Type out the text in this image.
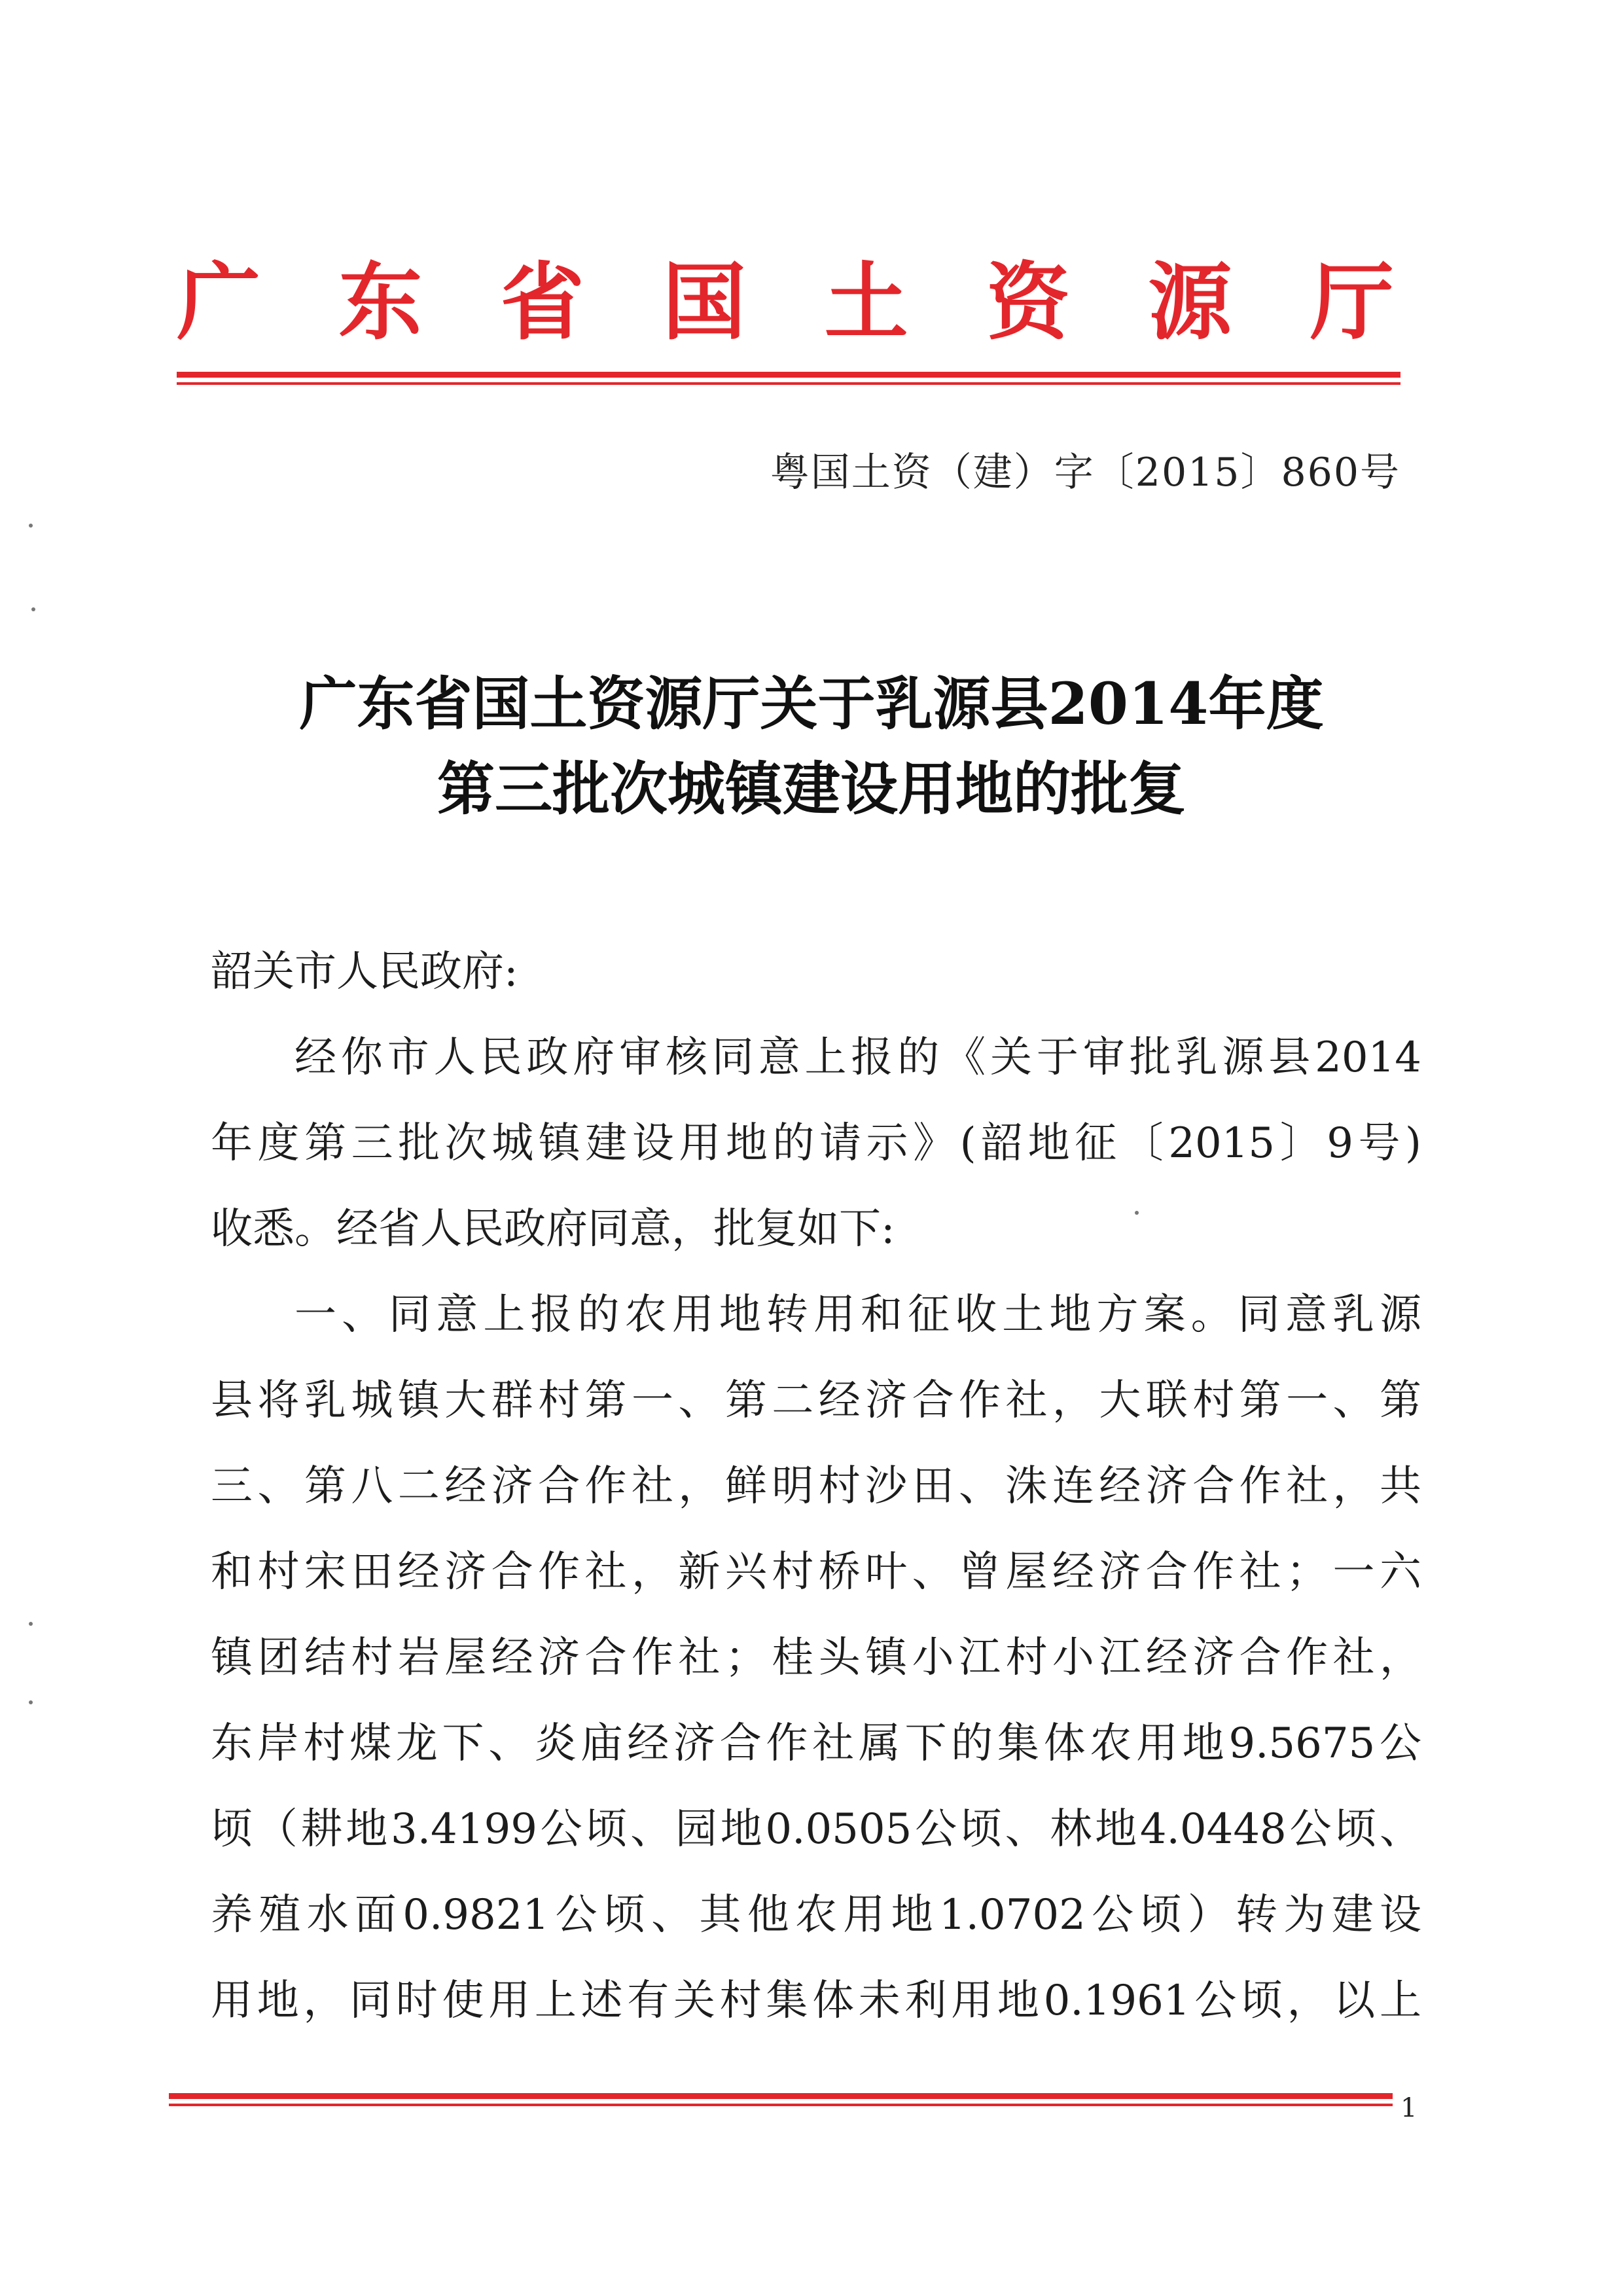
广 东 省 国 土 资 源 厅
粤国土资（建）字〔2015〕860号
广东省国土资源厅关于乳源县2014年度
第三批次城镇建设用地的批复
韶关市人民政府:
经你市人民政府审核同意上报的《关于审批乳源县2014
年度第三批次城镇建设用地的请示》(韶地征〔2015〕9号)
收悉。经省人民政府同意，批复如下:
一、同意上报的农用地转用和征收土地方案。同意乳源
县将乳城镇大群村第一、第二经济合作社，大联村第一、第
三、第八二经济合作社，鲜明村沙田、洙连经济合作社，共
和村宋田经济合作社，新兴村桥叶、曾屋经济合作社；一六
镇团结村岩屋经济合作社；桂头镇小江村小江经济合作社，
东岸村煤龙下、炎庙经济合作社属下的集体农用地9.5675公
顷（耕地3.4199公顷、园地0.0505公顷、林地4.0448公顷、
养殖水面0.9821公顷、其他农用地1.0702公顷）转为建设
用地，同时使用上述有关村集体未利用地0.1961公顷，以上
1
